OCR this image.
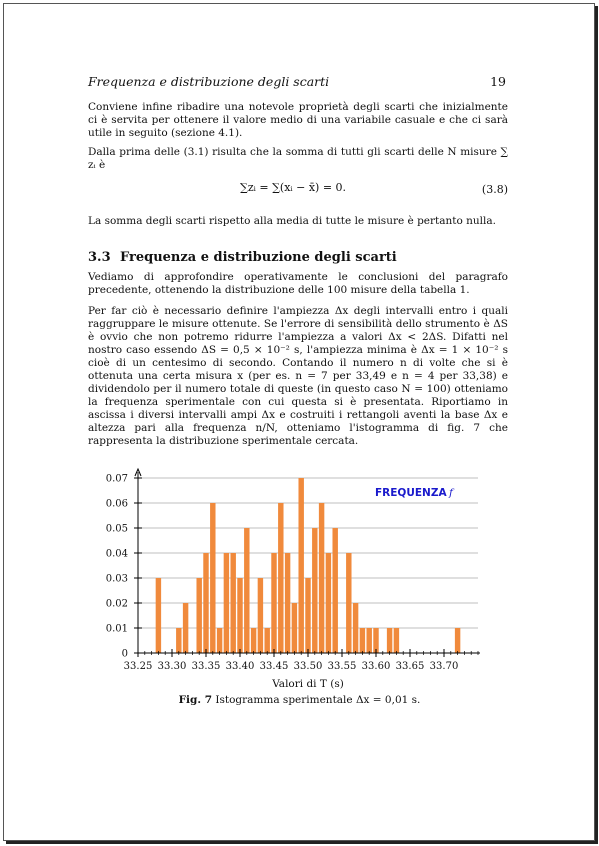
Frequenza e distribuzione degli scarti	19
Conviene infine ribadire una notevole proprietà degli scarti che inizialmente ci è servita per ottenere il valore medio di una variabile casuale e che ci sarà utile in seguito (sezione 4.1).
Dalla prima delle (3.1) risulta che la somma di tutti gli scarti delle N misure ∑ zᵢ è
∑zᵢ = ∑(xᵢ − x̄) = 0.	(3.8)
La somma degli scarti rispetto alla media di tutte le misure è pertanto nulla.
3.3 Frequenza e distribuzione degli scarti
Vediamo di approfondire operativamente le conclusioni del paragrafo precedente, ottenendo la distribuzione delle 100 misure della tabella 1.
Per far ciò è necessario definire l'ampiezza Δx degli intervalli entro i quali raggruppare le misure ottenute. Se l'errore di sensibilità dello strumento è ΔS è ovvio che non potremo ridurre l'ampiezza a valori Δx < 2ΔS. Difatti nel nostro caso essendo ΔS = 0,5 × 10⁻² s, l'ampiezza minima è Δx = 1 × 10⁻² s cioè di un centesimo di secondo. Contando il numero n di volte che si è ottenuta una certa misura x (per es. n = 7 per 33,49 e n = 4 per 33,38) e dividendolo per il numero totale di queste (in questo caso N = 100) otteniamo la frequenza sperimentale con cui questa si è presentata. Riportiamo in ascissa i diversi intervalli ampi Δx e costruiti i rettangoli aventi la base Δx e altezza pari alla frequenza n/N, otteniamo l'istogramma di fig. 7 che rappresenta la distribuzione sperimentale cercata.
33.25 33.30 33.35 33.40 33.45 33.50 33.55 33.60 33.65 33.70
0
0.01
0.02
0.03
0.04
0.05
0.06
0.07
Valori di T (s)
FREQUENZA f
Fig. 7 Istogramma sperimentale Δx = 0,01 s.
